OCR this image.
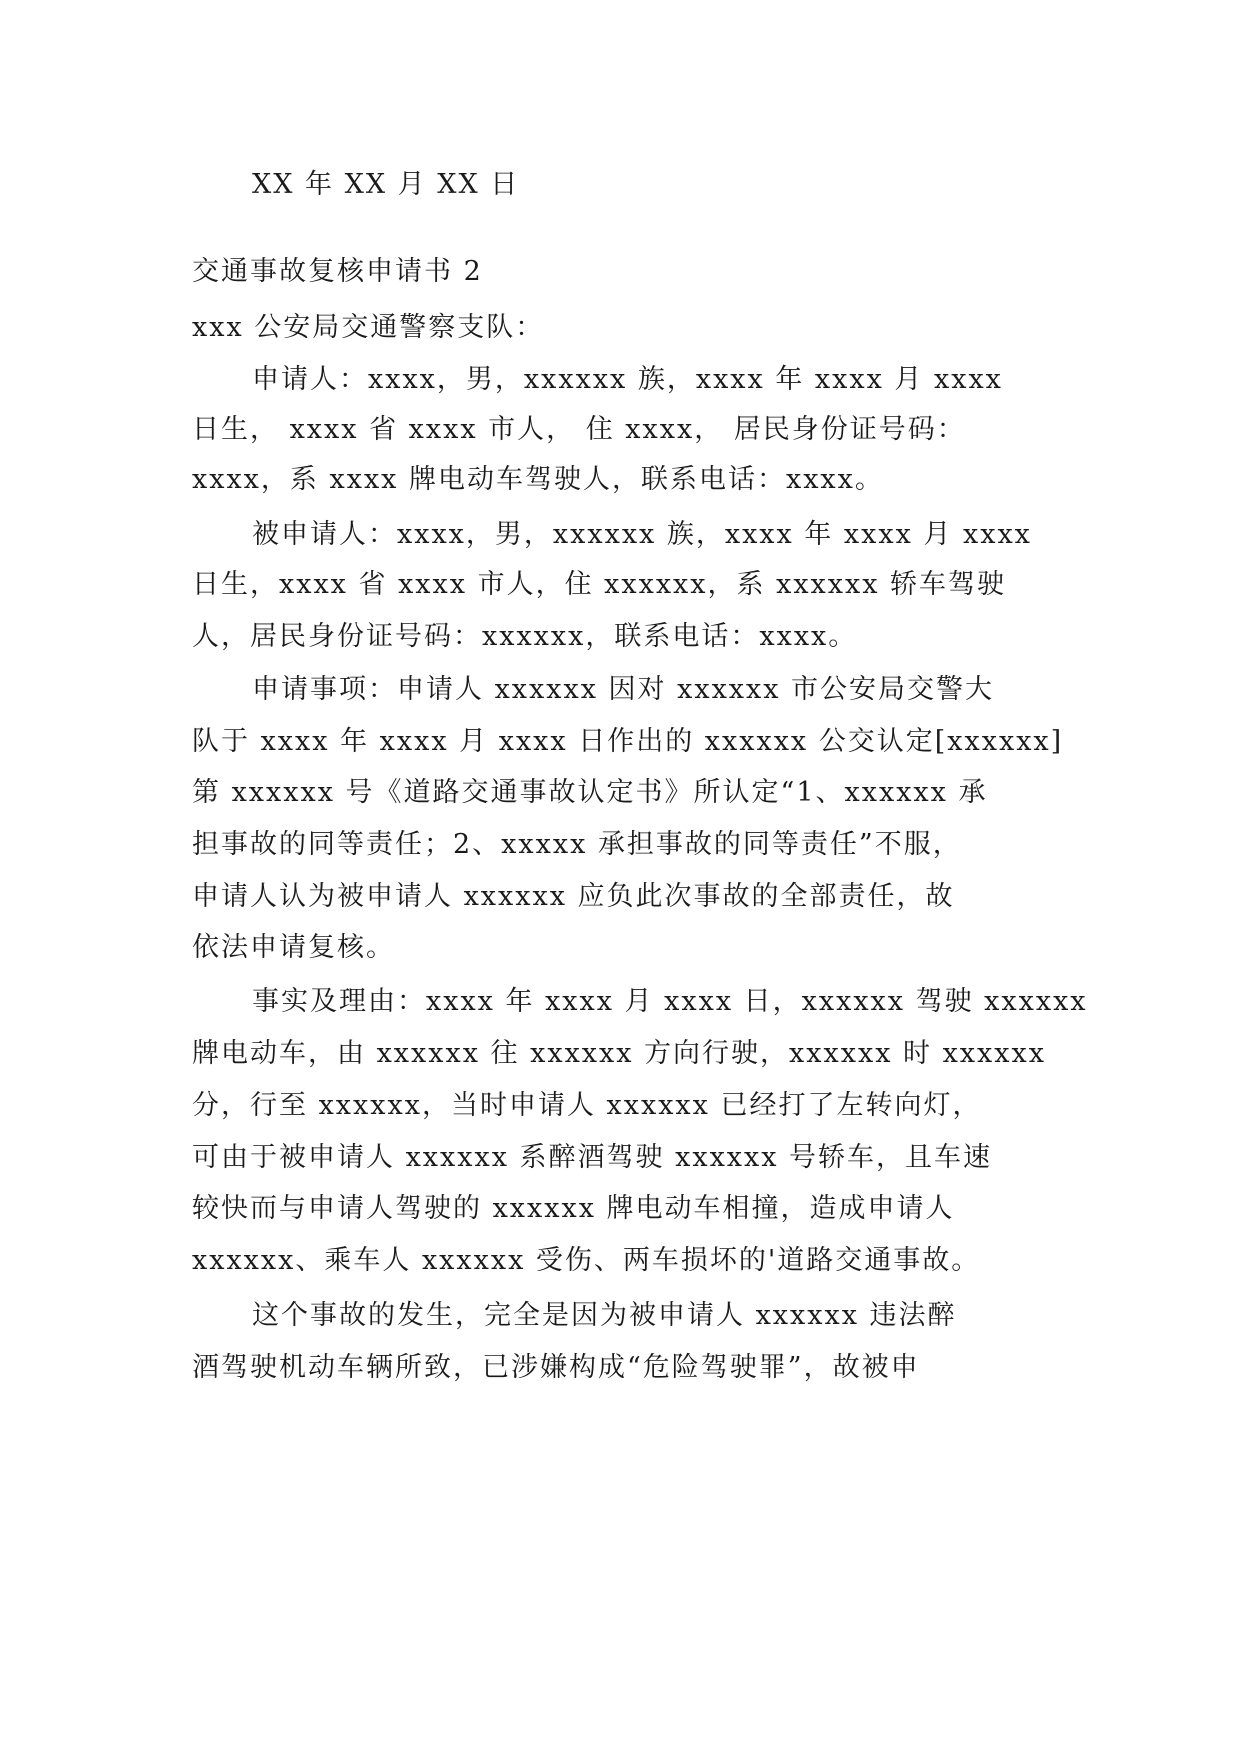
XX 年 XX 月 XX 日
交通事故复核申请书 2
xxx 公安局交通警察支队：
申请人：xxxx，男，xxxxxx 族，xxxx 年 xxxx 月 xxxx
日生， xxxx 省 xxxx 市人， 住 xxxx， 居民身份证号码：
xxxx，系 xxxx 牌电动车驾驶人，联系电话：xxxx。
被申请人：xxxx，男，xxxxxx 族，xxxx 年 xxxx 月 xxxx
日生，xxxx 省 xxxx 市人，住 xxxxxx，系 xxxxxx 轿车驾驶
人，居民身份证号码：xxxxxx，联系电话：xxxx。
申请事项：申请人 xxxxxx 因对 xxxxxx 市公安局交警大
队于 xxxx 年 xxxx 月 xxxx 日作出的 xxxxxx 公交认定[xxxxxx]
第 xxxxxx 号《道路交通事故认定书》所认定“1、xxxxxx 承
担事故的同等责任；2、xxxxx 承担事故的同等责任”不服，
申请人认为被申请人 xxxxxx 应负此次事故的全部责任，故
依法申请复核。
事实及理由：xxxx 年 xxxx 月 xxxx 日，xxxxxx 驾驶 xxxxxx
牌电动车，由 xxxxxx 往 xxxxxx 方向行驶，xxxxxx 时 xxxxxx
分，行至 xxxxxx，当时申请人 xxxxxx 已经打了左转向灯，
可由于被申请人 xxxxxx 系醉酒驾驶 xxxxxx 号轿车，且车速
较快而与申请人驾驶的 xxxxxx 牌电动车相撞，造成申请人
xxxxxx、乘车人 xxxxxx 受伤、两车损坏的'道路交通事故。
这个事故的发生，完全是因为被申请人 xxxxxx 违法醉
酒驾驶机动车辆所致，已涉嫌构成“危险驾驶罪”，故被申
